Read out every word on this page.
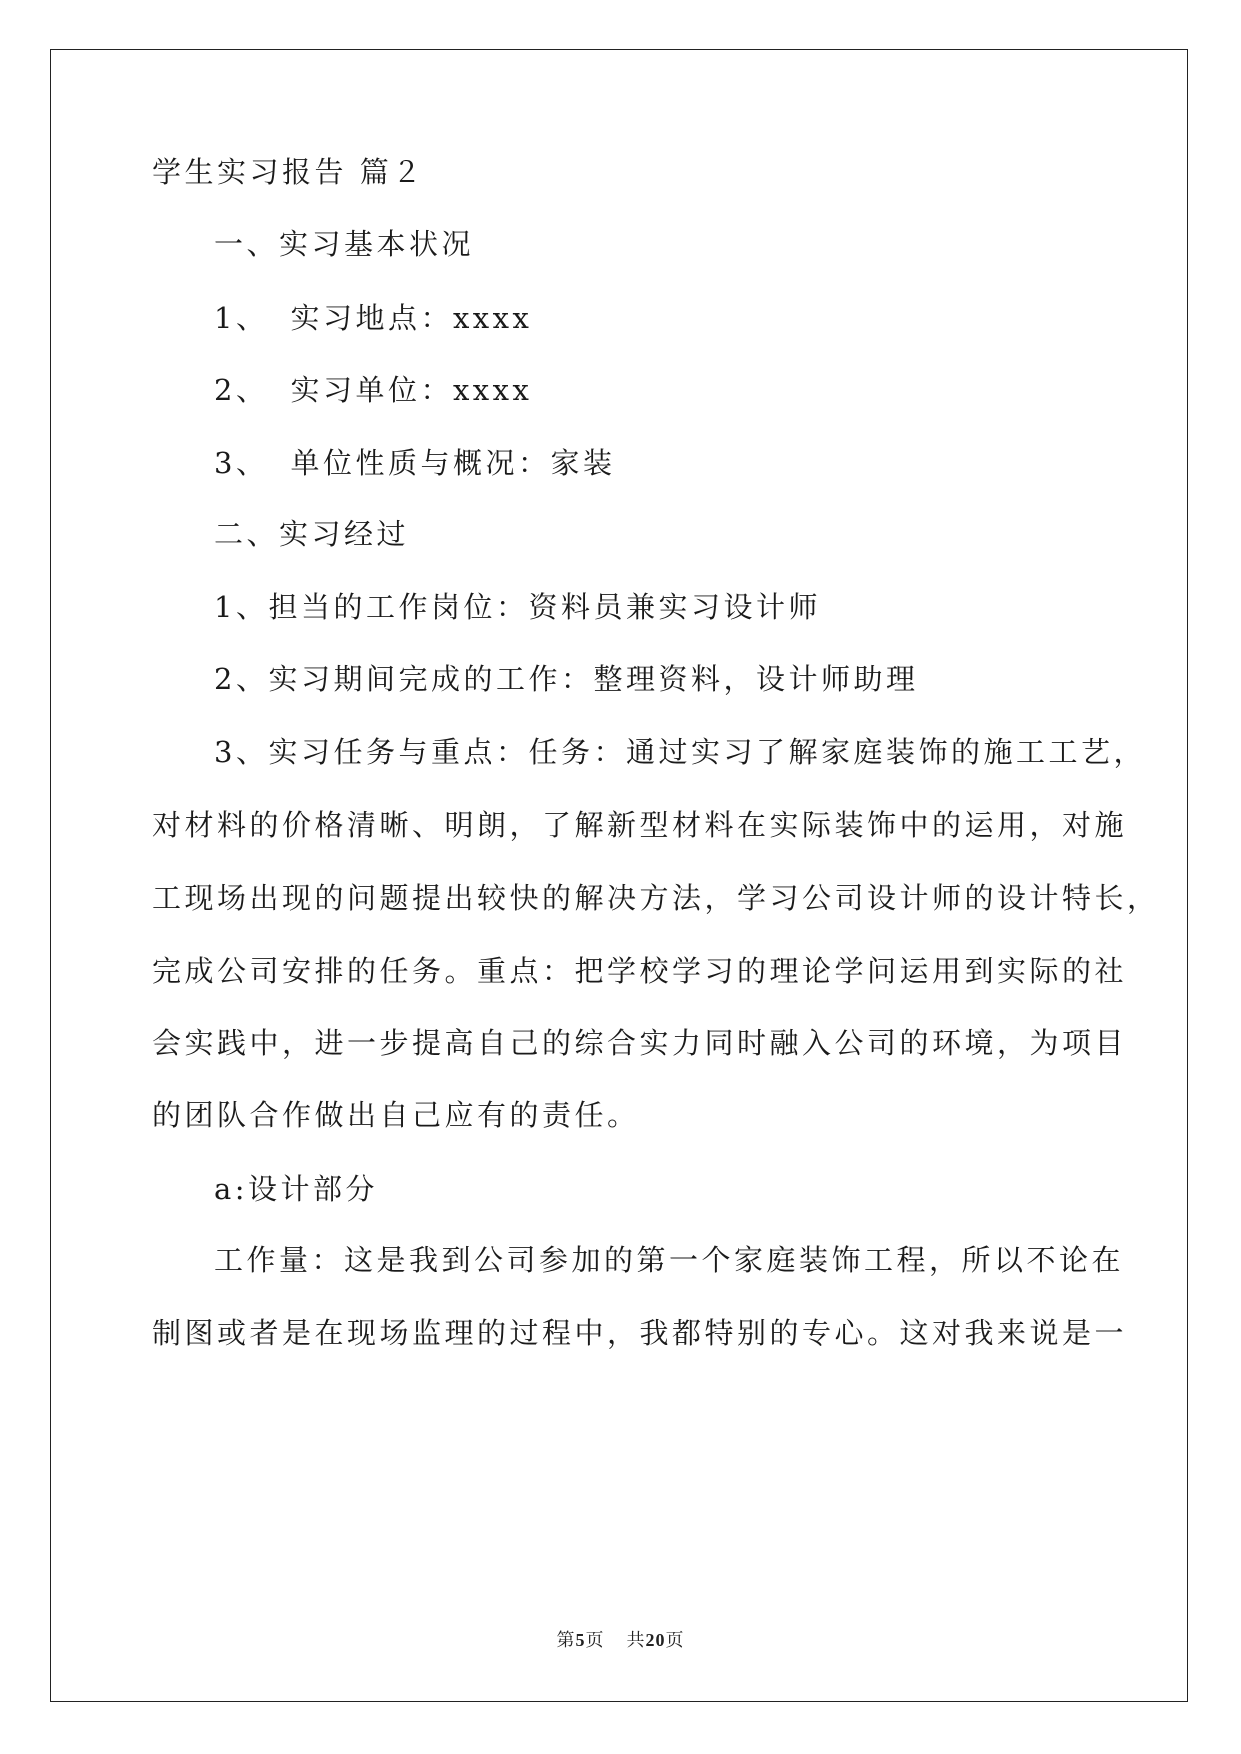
学生实习报告 篇２
一、实习基本状况
1、 实习地点：xxxx
2、 实习单位：xxxx
3、 单位性质与概况：家装
二、实习经过
1、担当的工作岗位：资料员兼实习设计师
2、实习期间完成的工作：整理资料，设计师助理
3、实习任务与重点：任务：通过实习了解家庭装饰的施工工艺，
对材料的价格清晰、明朗，了解新型材料在实际装饰中的运用，对施
工现场出现的问题提出较快的解决方法，学习公司设计师的设计特长，
完成公司安排的任务。重点：把学校学习的理论学问运用到实际的社
会实践中，进一步提高自己的综合实力同时融入公司的环境，为项目
的团队合作做出自己应有的责任。
a:设计部分
工作量：这是我到公司参加的第一个家庭装饰工程，所以不论在
制图或者是在现场监理的过程中，我都特别的专心。这对我来说是一
第5页 共20页
